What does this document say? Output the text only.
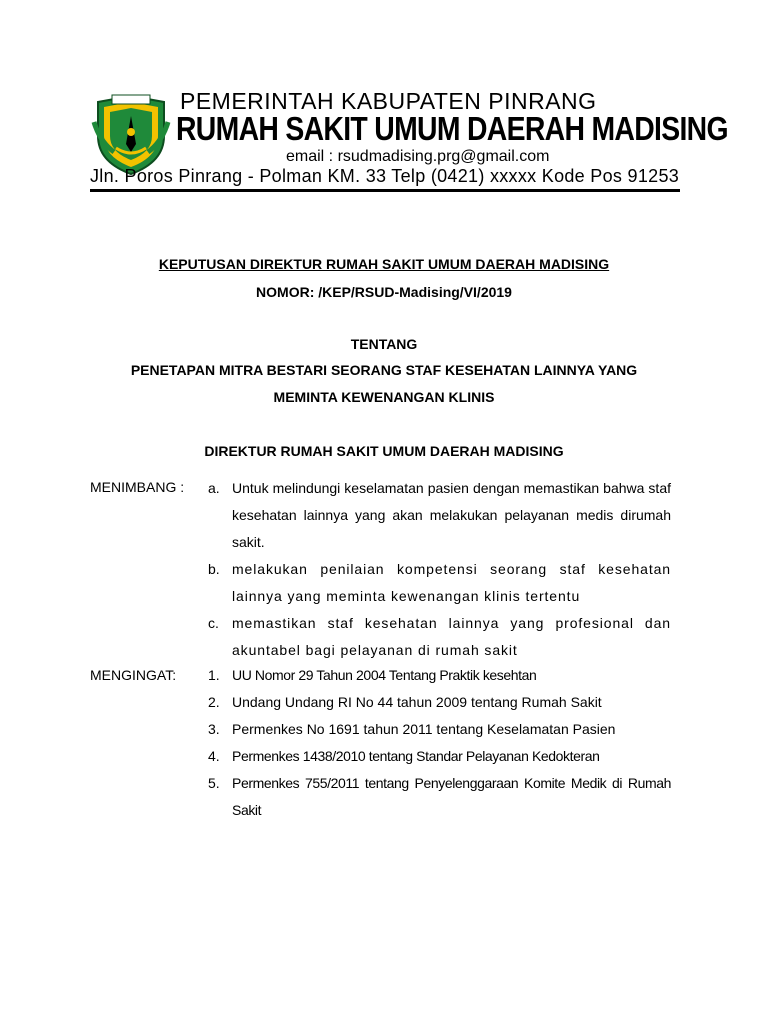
PEMERINTAH KABUPATEN PINRANG
RUMAH SAKIT UMUM DAERAH MADISING
email : rsudmadising.prg@gmail.com
Jln. Poros Pinrang - Polman KM. 33 Telp (0421) xxxxx Kode Pos 91253
KEPUTUSAN DIREKTUR RUMAH SAKIT UMUM DAERAH MADISING
NOMOR: /KEP/RSUD-Madising/VI/2019
TENTANG
PENETAPAN MITRA BESTARI SEORANG STAF KESEHATAN LAINNYA YANG
MEMINTA KEWENANGAN KLINIS
DIREKTUR RUMAH SAKIT UMUM DAERAH MADISING
MENIMBANG : a. Untuk melindungi keselamatan pasien dengan memastikan bahwa staf kesehatan lainnya yang akan melakukan pelayanan medis dirumah sakit.
b. melakukan penilaian kompetensi seorang staf kesehatan lainnya yang meminta kewenangan klinis tertentu
c. memastikan staf kesehatan lainnya yang profesional dan akuntabel bagi pelayanan di rumah sakit
MENGINGAT: 1. UU Nomor 29 Tahun 2004 Tentang Praktik kesehtan
2. Undang Undang RI No 44 tahun 2009 tentang Rumah Sakit
3. Permenkes No 1691 tahun 2011 tentang Keselamatan Pasien
4. Permenkes 1438/2010 tentang Standar Pelayanan Kedokteran
5. Permenkes 755/2011 tentang Penyelenggaraan Komite Medik di Rumah Sakit
